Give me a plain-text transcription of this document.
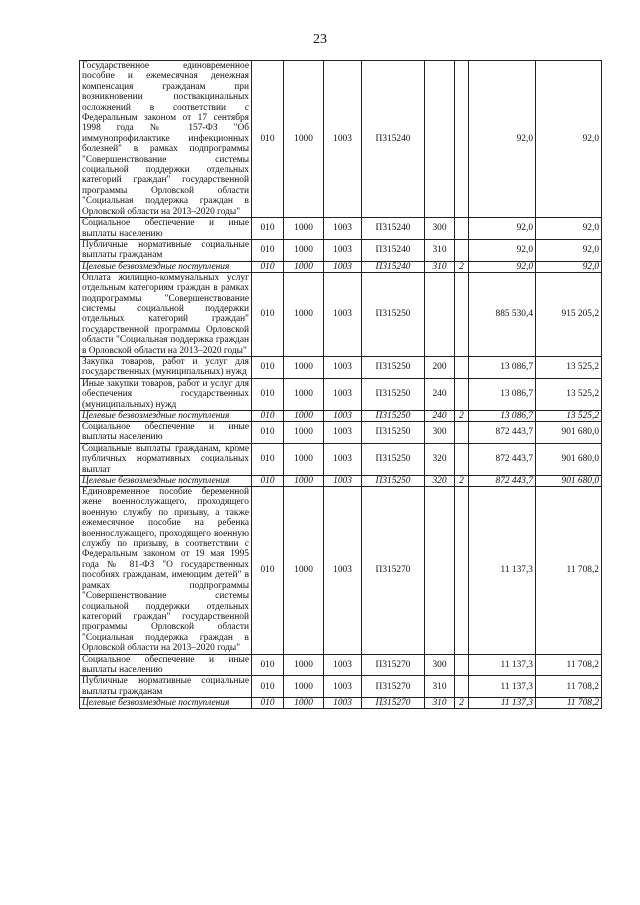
23
Государственное единовременное пособие и ежемесячная денежная компенсация гражданам при возникновении поствакцинальных осложнений в соответствии с Федеральным законом от 17 сентября 1998 года № 157-ФЗ "Об иммунопрофилактике инфекционных болезней" в рамках подпрограммы "Совершенствование системы социальной поддержки отдельных категорий граждан" государственной программы Орловской области "Социальная поддержка граждан в Орловской области на 2013–2020 годы"	010	1000	1003	П315240			92,0	92,0
Социальное обеспечение и иные выплаты населению	010	1000	1003	П315240	300		92,0	92,0
Публичные нормативные социальные выплаты гражданам	010	1000	1003	П315240	310		92,0	92,0
Целевые безвозмездные поступления	010	1000	1003	П315240	310	2	92,0	92,0
Оплата жилищно-коммунальных услуг отдельным категориям граждан в рамках подпрограммы "Совершенствование системы социальной поддержки отдельных категорий граждан" государственной программы Орловской области "Социальная поддержка граждан в Орловской области на 2013–2020 годы"	010	1000	1003	П315250			885 530,4	915 205,2
Закупка товаров, работ и услуг для государственных (муниципальных) нужд	010	1000	1003	П315250	200		13 086,7	13 525,2
Иные закупки товаров, работ и услуг для обеспечения государственных (муниципальных) нужд	010	1000	1003	П315250	240		13 086,7	13 525,2
Целевые безвозмездные поступления	010	1000	1003	П315250	240	2	13 086,7	13 525,2
Социальное обеспечение и иные выплаты населению	010	1000	1003	П315250	300		872 443,7	901 680,0
Социальные выплаты гражданам, кроме публичных нормативных социальных выплат	010	1000	1003	П315250	320		872 443,7	901 680,0
Целевые безвозмездные поступления	010	1000	1003	П315250	320	2	872 443,7	901 680,0
Единовременное пособие беременной жене военнослужащего, проходящего военную службу по призыву, а также ежемесячное пособие на ребенка военнослужащего, проходящего военную службу по призыву, в соответствии с Федеральным законом от 19 мая 1995 года № 81-ФЗ "О государственных пособиях гражданам, имеющим детей" в рамках подпрограммы "Совершенствование системы социальной поддержки отдельных категорий граждан" государственной программы Орловской области "Социальная поддержка граждан в Орловской области на 2013–2020 годы"	010	1000	1003	П315270			11 137,3	11 708,2
Социальное обеспечение и иные выплаты населению	010	1000	1003	П315270	300		11 137,3	11 708,2
Публичные нормативные социальные выплаты гражданам	010	1000	1003	П315270	310		11 137,3	11 708,2
Целевые безвозмездные поступления	010	1000	1003	П315270	310	2	11 137,3	11 708,2
